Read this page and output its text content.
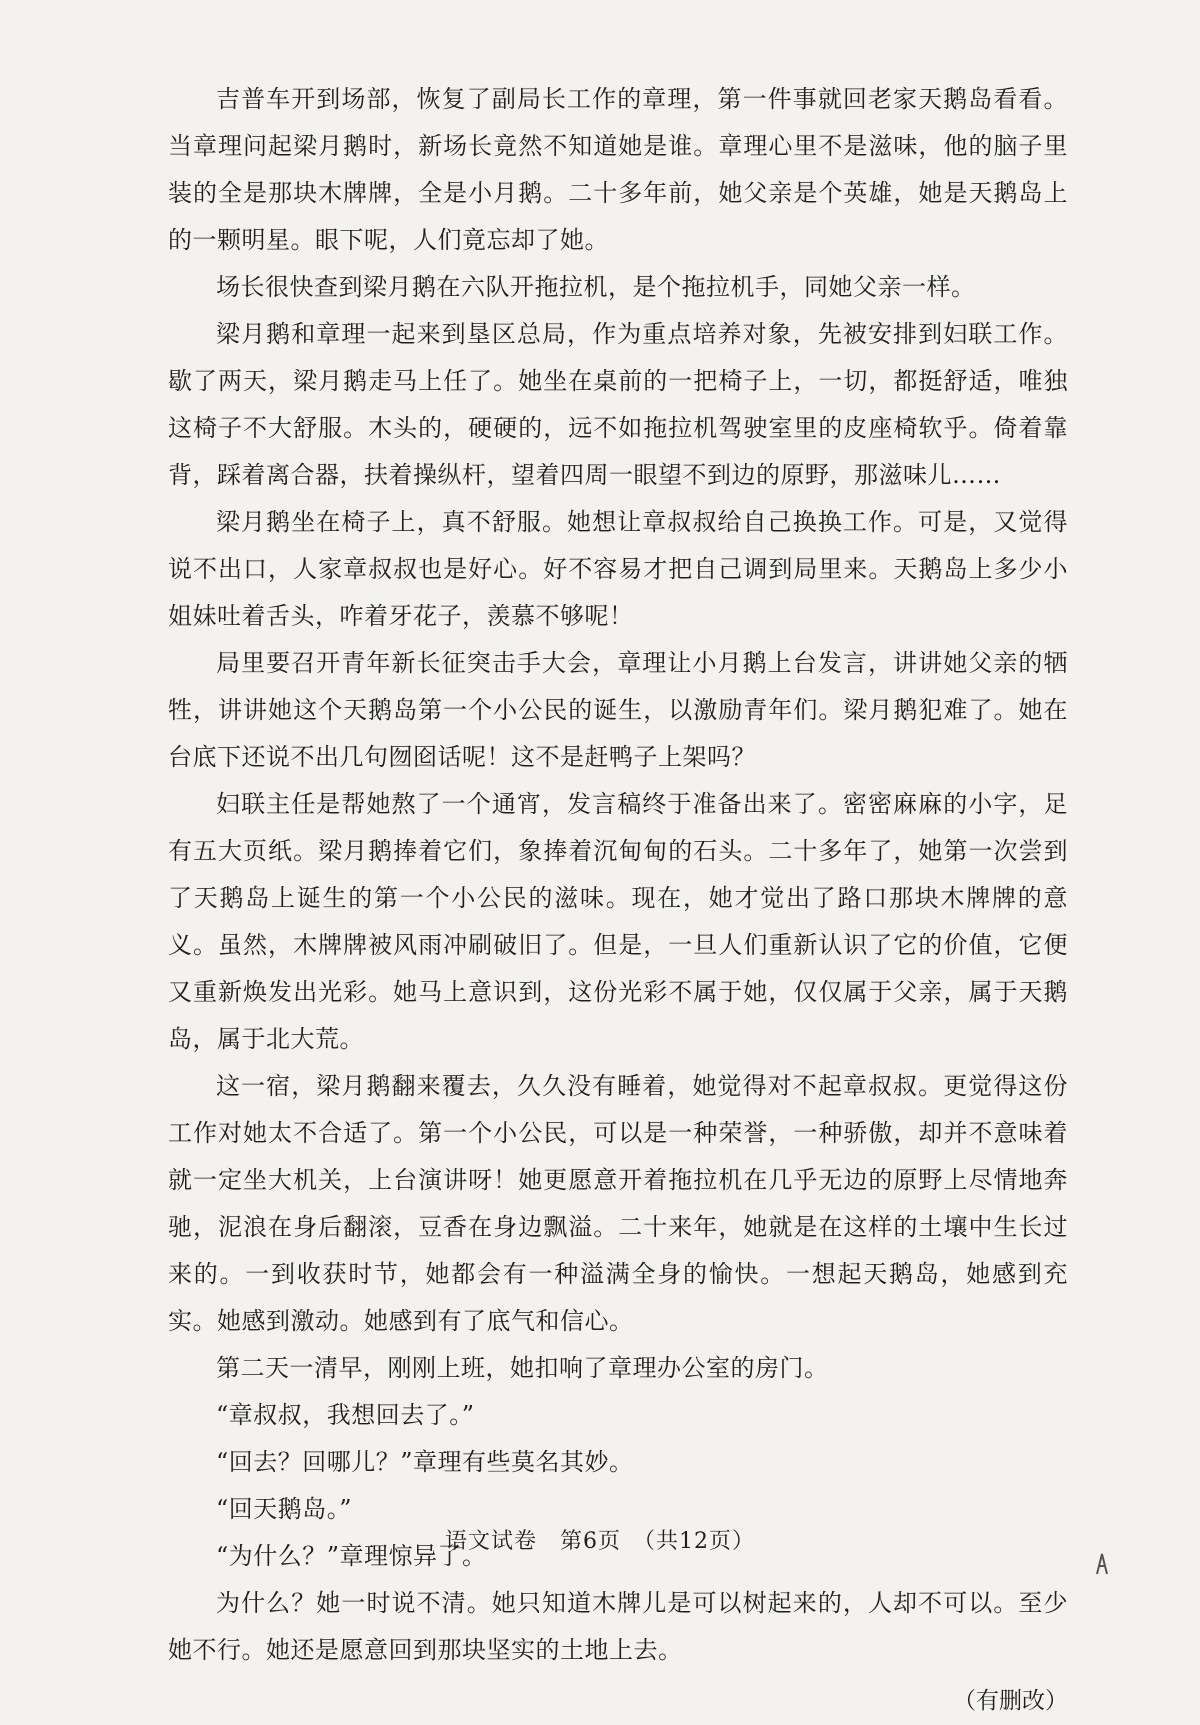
吉普车开到场部，恢复了副局长工作的章理，第一件事就回老家天鹅岛看看。当章理问起梁月鹅时，新场长竟然不知道她是谁。章理心里不是滋味，他的脑子里装的全是那块木牌牌，全是小月鹅。二十多年前，她父亲是个英雄，她是天鹅岛上的一颗明星。眼下呢，人们竟忘却了她。

场长很快查到梁月鹅在六队开拖拉机，是个拖拉机手，同她父亲一样。

梁月鹅和章理一起来到垦区总局，作为重点培养对象，先被安排到妇联工作。歇了两天，梁月鹅走马上任了。她坐在桌前的一把椅子上，一切，都挺舒适，唯独这椅子不大舒服。木头的，硬硬的，远不如拖拉机驾驶室里的皮座椅软乎。倚着靠背，踩着离合器，扶着操纵杆，望着四周一眼望不到边的原野，那滋味儿……

梁月鹅坐在椅子上，真不舒服。她想让章叔叔给自己换换工作。可是，又觉得说不出口，人家章叔叔也是好心。好不容易才把自己调到局里来。天鹅岛上多少小姐妹吐着舌头，咋着牙花子，羡慕不够呢！

局里要召开青年新长征突击手大会，章理让小月鹅上台发言，讲讲她父亲的牺牲，讲讲她这个天鹅岛第一个小公民的诞生，以激励青年们。梁月鹅犯难了。她在台底下还说不出几句囫囵话呢！这不是赶鸭子上架吗？

妇联主任是帮她熬了一个通宵，发言稿终于准备出来了。密密麻麻的小字，足有五大页纸。梁月鹅捧着它们，象捧着沉甸甸的石头。二十多年了，她第一次尝到了天鹅岛上诞生的第一个小公民的滋味。现在，她才觉出了路口那块木牌牌的意义。虽然，木牌牌被风雨冲刷破旧了。但是，一旦人们重新认识了它的价值，它便又重新焕发出光彩。她马上意识到，这份光彩不属于她，仅仅属于父亲，属于天鹅岛，属于北大荒。

这一宿，梁月鹅翻来覆去，久久没有睡着，她觉得对不起章叔叔。更觉得这份工作对她太不合适了。第一个小公民，可以是一种荣誉，一种骄傲，却并不意味着就一定坐大机关，上台演讲呀！她更愿意开着拖拉机在几乎无边的原野上尽情地奔驰，泥浪在身后翻滚，豆香在身边飘溢。二十来年，她就是在这样的土壤中生长过来的。一到收获时节，她都会有一种溢满全身的愉快。一想起天鹅岛，她感到充实。她感到激动。她感到有了底气和信心。

第二天一清早，刚刚上班，她扣响了章理办公室的房门。

“章叔叔，我想回去了。”

“回去？回哪儿？”章理有些莫名其妙。

“回天鹅岛。”

“为什么？”章理惊异了。

为什么？她一时说不清。她只知道木牌儿是可以树起来的，人却不可以。至少她不行。她还是愿意回到那块坚实的土地上去。

（有删改）

语文试卷　第6页　（共12页）
